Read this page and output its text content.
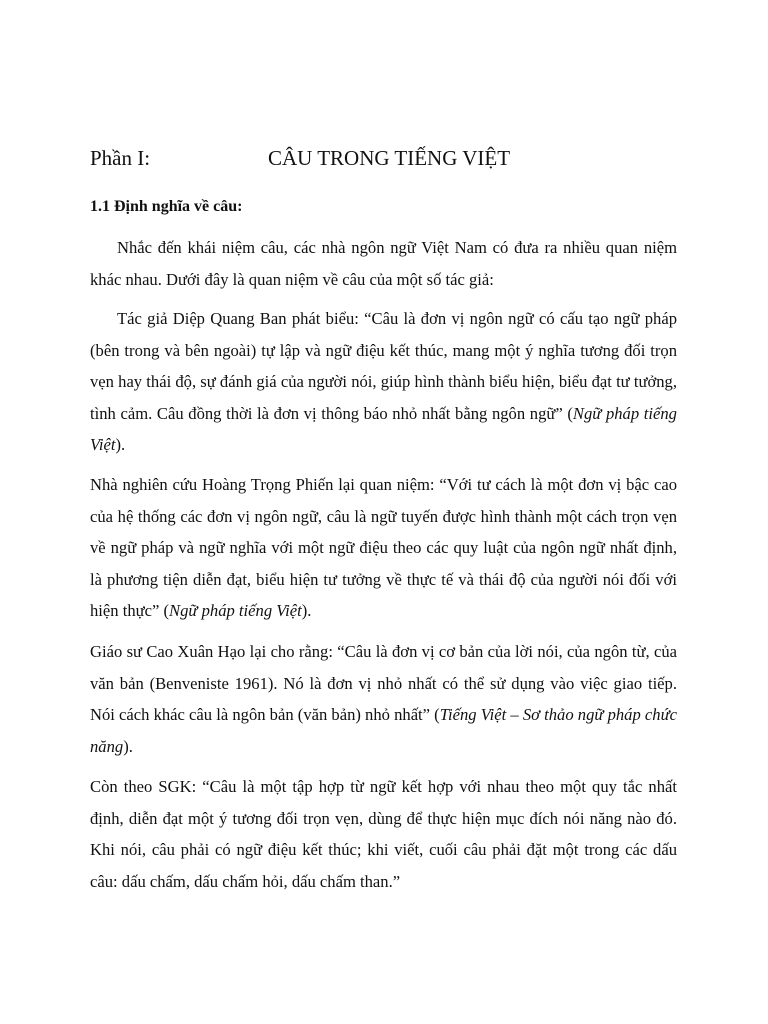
Phần I:	CÂU TRONG TIẾNG VIỆT
1.1 Định nghĩa về câu:

Nhắc đến khái niệm câu, các nhà ngôn ngữ Việt Nam có đưa ra nhiều quan niệm khác nhau. Dưới đây là quan niệm về câu của một số tác giả:

Tác giả Diệp Quang Ban phát biểu: “Câu là đơn vị ngôn ngữ có cấu tạo ngữ pháp (bên trong và bên ngoài) tự lập và ngữ điệu kết thúc, mang một ý nghĩa tương đối trọn vẹn hay thái độ, sự đánh giá của người nói, giúp hình thành biểu hiện, biểu đạt tư tưởng, tình cảm. Câu đồng thời là đơn vị thông báo nhỏ nhất bằng ngôn ngữ” (Ngữ pháp tiếng Việt).

Nhà nghiên cứu Hoàng Trọng Phiến lại quan niệm: “Với tư cách là một đơn vị bậc cao của hệ thống các đơn vị ngôn ngữ, câu là ngữ tuyến được hình thành một cách trọn vẹn về ngữ pháp và ngữ nghĩa với một ngữ điệu theo các quy luật của ngôn ngữ nhất định, là phương tiện diễn đạt, biểu hiện tư tưởng về thực tế và thái độ của người nói đối với hiện thực” (Ngữ pháp tiếng Việt).

Giáo sư Cao Xuân Hạo lại cho rằng: “Câu là đơn vị cơ bản của lời nói, của ngôn từ, của văn bản (Benveniste 1961). Nó là đơn vị nhỏ nhất có thể sử dụng vào việc giao tiếp. Nói cách khác câu là ngôn bản (văn bản) nhỏ nhất” (Tiếng Việt – Sơ thảo ngữ pháp chức năng).

Còn theo SGK: “Câu là một tập hợp từ ngữ kết hợp với nhau theo một quy tắc nhất định, diễn đạt một ý tương đối trọn vẹn, dùng để thực hiện mục đích nói năng nào đó. Khi nói, câu phải có ngữ điệu kết thúc; khi viết, cuối câu phải đặt một trong các dấu câu: dấu chấm, dấu chấm hỏi, dấu chấm than.”
